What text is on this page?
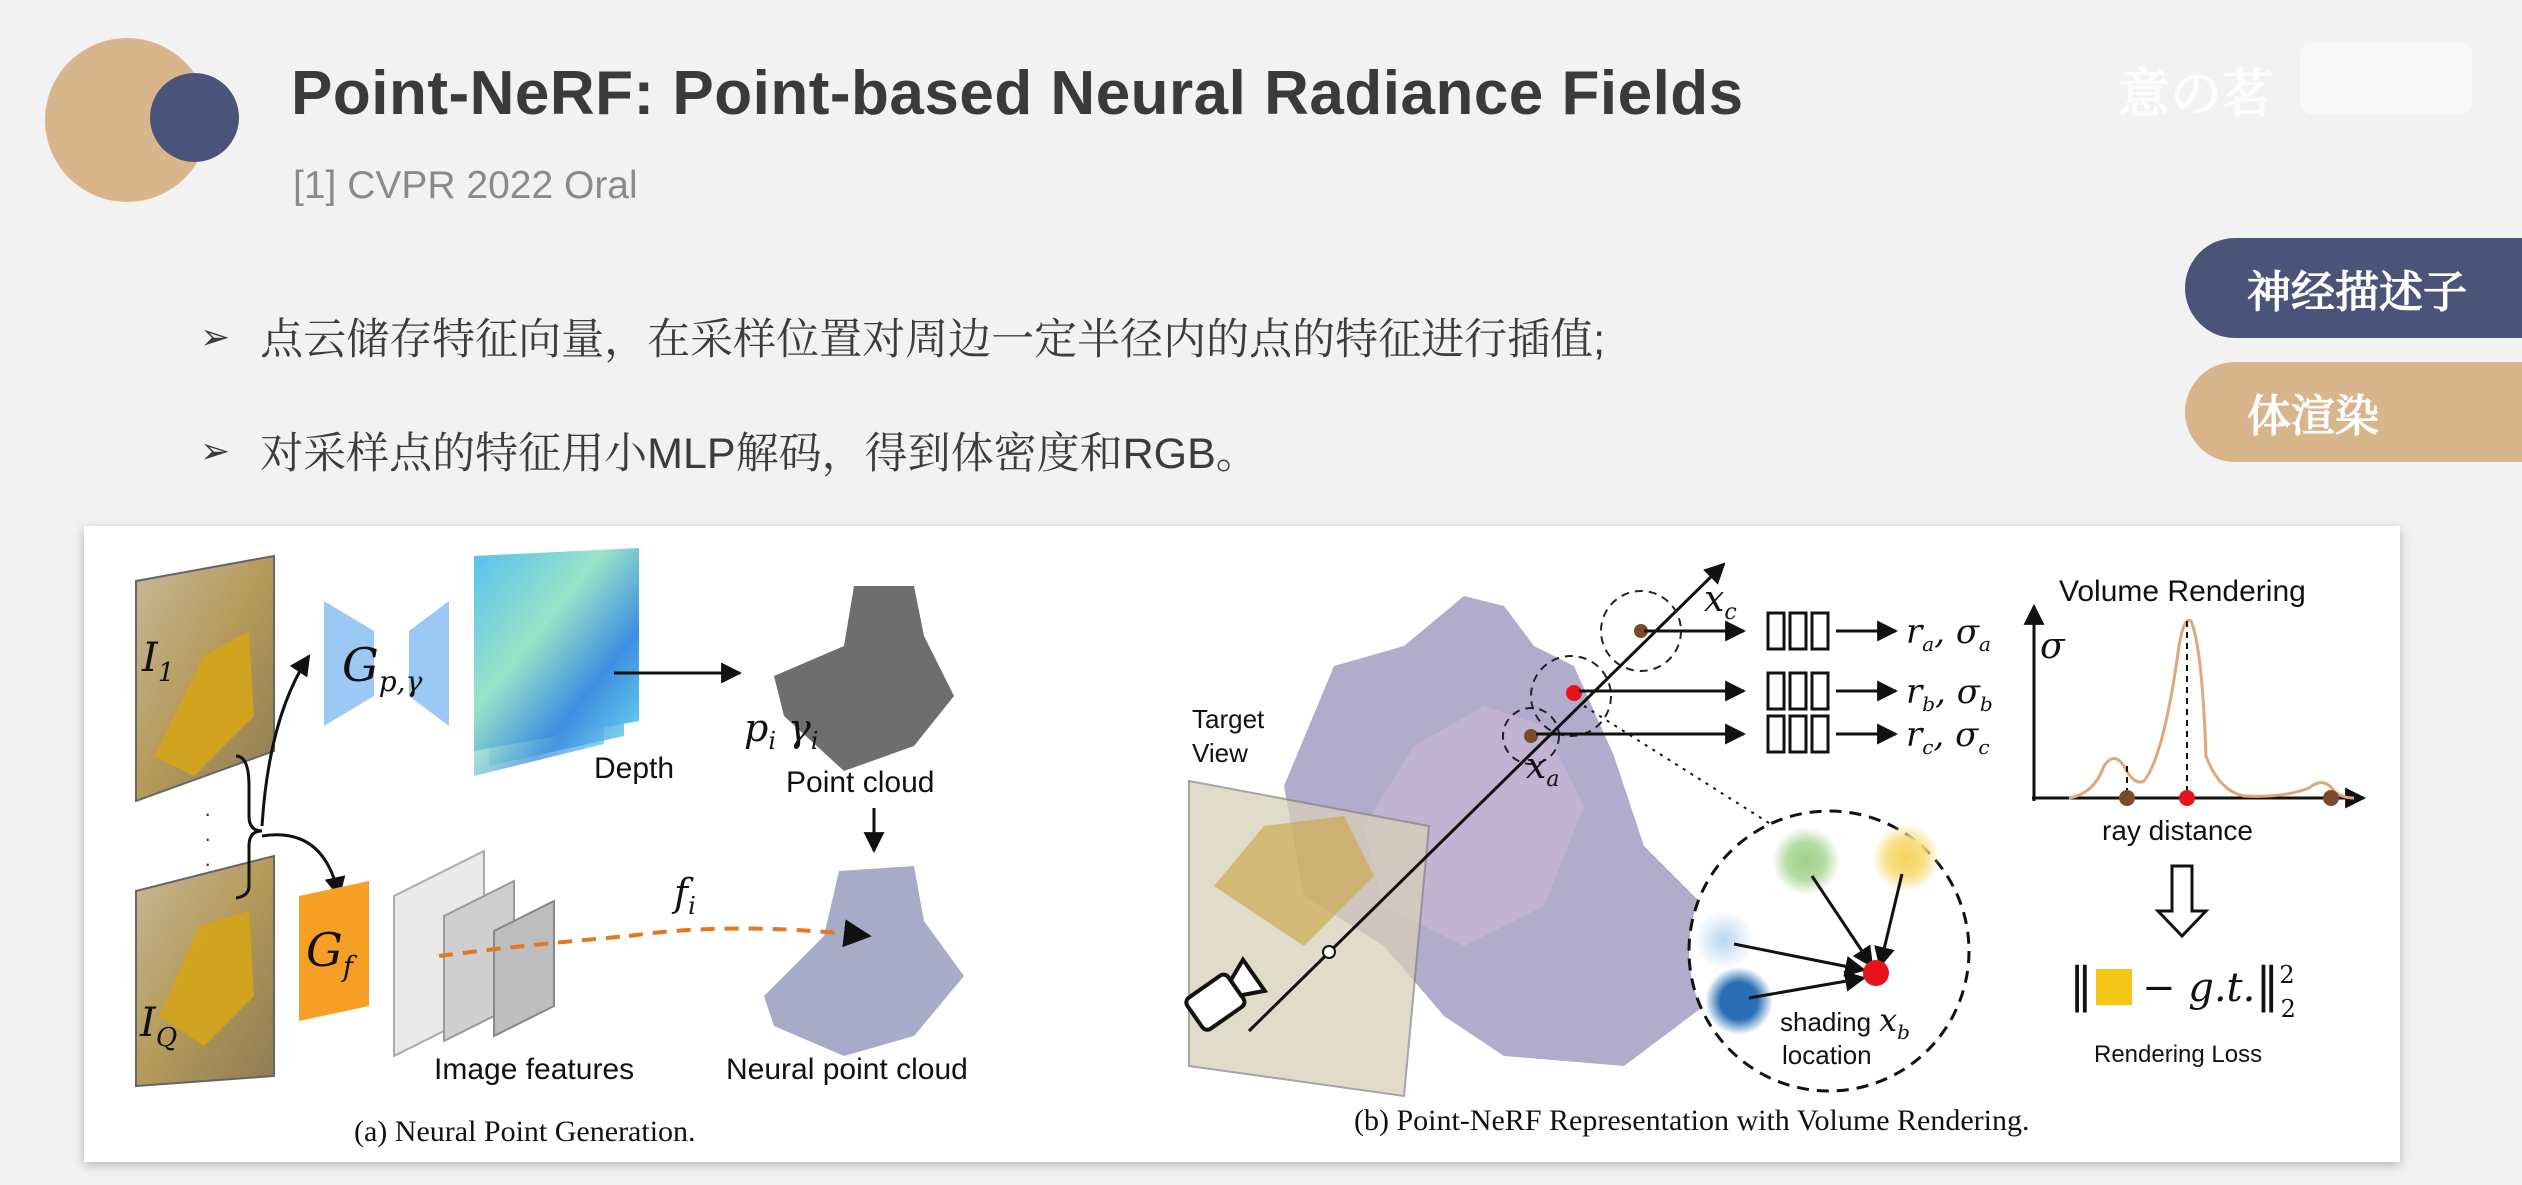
Point-NeRF: Point-based Neural Radiance Fields
[1] CVPR 2022 Oral
意の茗
➢ 点云储存特征向量，在采样位置对周边一定半径内的点的特征进行插值;
➢ 对采样点的特征用小MLP解码，得到体密度和RGB。
神经描述子
体渲染
$I_1$
·
·
·
$I_Q$
$G_{p,\gamma}$
Depth
$p_i$ $\gamma_i$
Point cloud
Neural point cloud
$G_f$
$f_i$
Image features
(a) Neural Point Generation.
Target
View	$x_a$
$x_c$	$r_a$, $\sigma_a$
$r_b$, $\sigma_b$
$r_c$, $\sigma_c$
shading $x_b$
location
Volume Rendering
σ
ray distance
‖ − g.t.‖$^2$ 2
Rendering Loss
(b) Point-NeRF Representation with Volume Rendering.
